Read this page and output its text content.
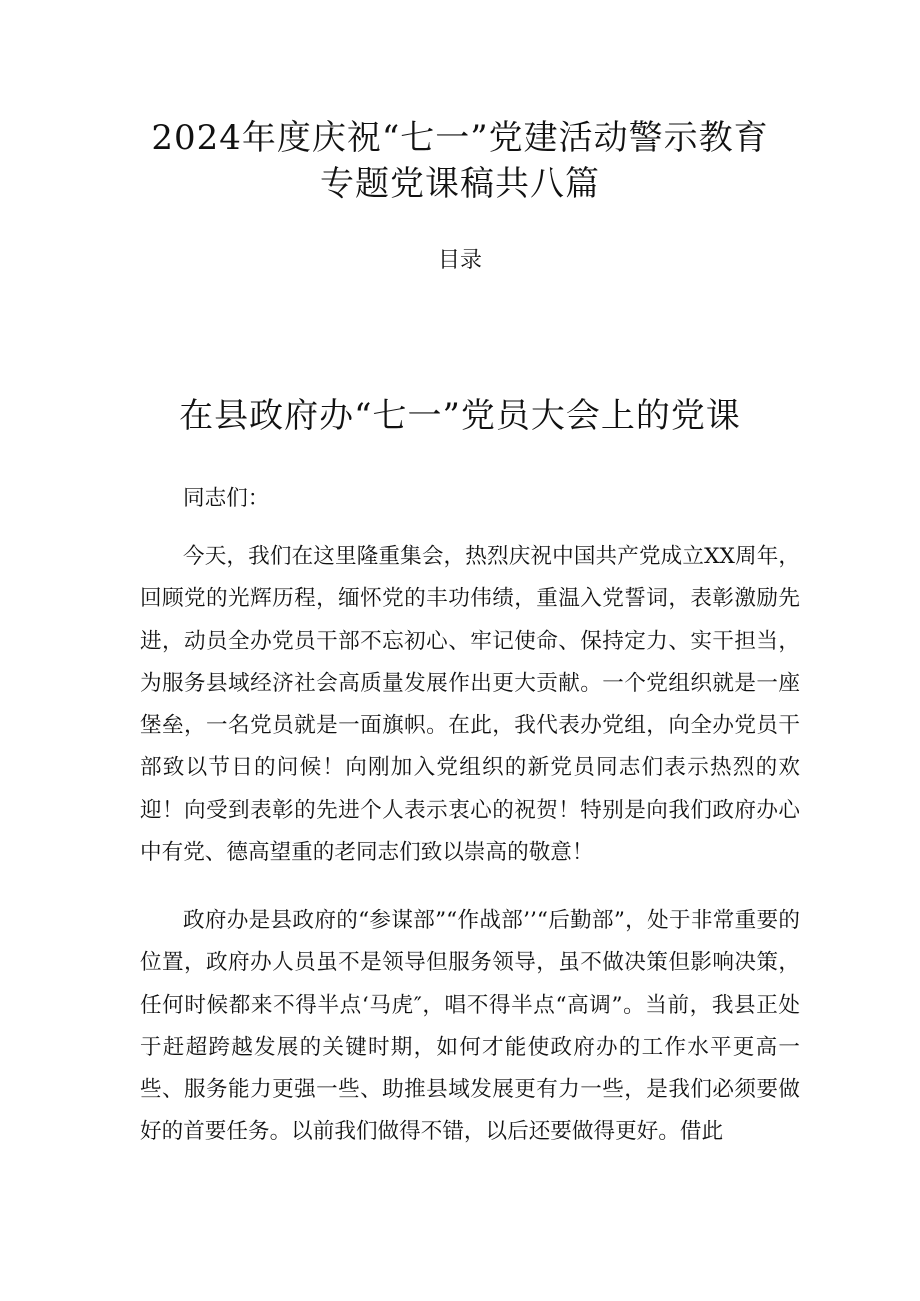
2024年度庆祝“七一”党建活动警示教育
专题党课稿共八篇
目录
在县政府办“七一”党员大会上的党课

同志们：

今天，我们在这里隆重集会，热烈庆祝中国共产党成立XX周年，回顾党的光辉历程，缅怀党的丰功伟绩，重温入党誓词，表彰激励先进，动员全办党员干部不忘初心、牢记使命、保持定力、实干担当，为服务县域经济社会高质量发展作出更大贡献。一个党组织就是一座堡垒，一名党员就是一面旗帜。在此，我代表办党组，向全办党员干部致以节日的问候！向刚加入党组织的新党员同志们表示热烈的欢迎！向受到表彰的先进个人表示衷心的祝贺！特别是向我们政府办心中有党、德高望重的老同志们致以崇高的敬意！

政府办是县政府的“参谋部”“作战部’’“后勤部”，处于非常重要的位置，政府办人员虽不是领导但服务领导，虽不做决策但影响决策，任何时候都来不得半点‘马虎″，唱不得半点“高调”。当前，我县正处于赶超跨越发展的关键时期，如何才能使政府办的工作水平更高一些、服务能力更强一些、助推县域发展更有力一些，是我们必须要做好的首要任务。以前我们做得不错，以后还要做得更好。借此
